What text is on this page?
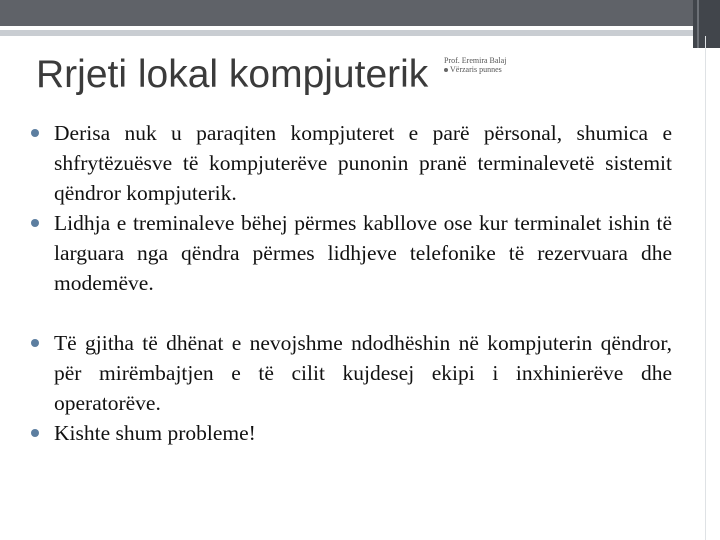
Rrjeti lokal kompjuterik Prof. Eremira Balaj
Vërzaris punnes
Derisa nuk u paraqiten kompjuteret e parë përsonal, shumica e shfrytëzuësve të kompjuterëve punonin pranë terminalevetë sistemit qëndror kompjuterik.
Lidhja e treminaleve bëhej përmes kabllove ose kur terminalet ishin të larguara nga qëndra përmes lidhjeve telefonike të rezervuara dhe modemëve.
Të gjitha të dhënat e nevojshme ndodhëshin në kompjuterin qëndror, për mirëmbajtjen e të cilit kujdesej ekipi i inxhinierëve dhe operatorëve.
Kishte shum probleme!
